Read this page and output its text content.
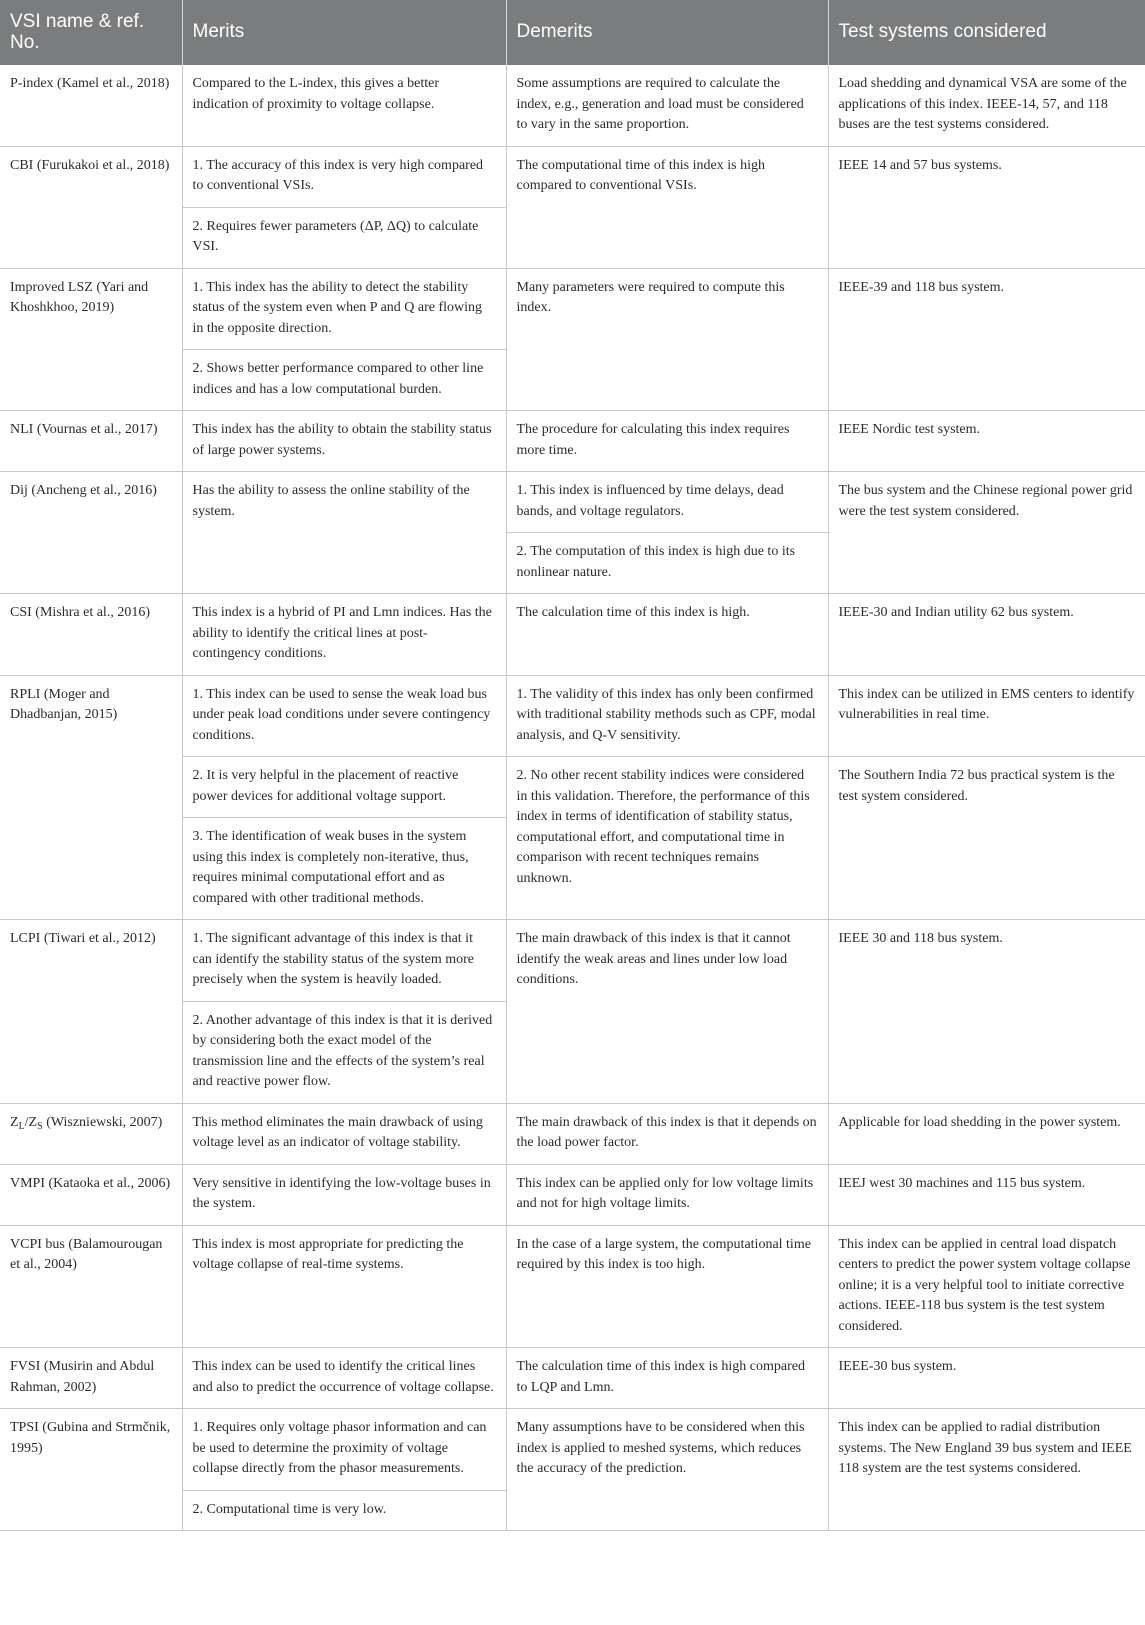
VSI name & ref. No.	Merits	Demerits	Test systems considered
P-index (Kamel et al., 2018)	Compared to the L-index, this gives a better indication of proximity to voltage collapse.	Some assumptions are required to calculate the index, e.g., generation and load must be considered to vary in the same proportion.	Load shedding and dynamical VSA are some of the applications of this index. IEEE-14, 57, and 118 buses are the test systems considered.
CBI (Furukakoi et al., 2018)	1. The accuracy of this index is very high compared to conventional VSIs.	The computational time of this index is high compared to conventional VSIs.	IEEE 14 and 57 bus systems.
	2. Requires fewer parameters (ΔP, ΔQ) to calculate VSI.		
Improved LSZ (Yari and Khoshkhoo, 2019)	1. This index has the ability to detect the stability status of the system even when P and Q are flowing in the opposite direction.	Many parameters were required to compute this index.	IEEE-39 and 118 bus system.
	2. Shows better performance compared to other line indices and has a low computational burden.		
NLI (Vournas et al., 2017)	This index has the ability to obtain the stability status of large power systems.	The procedure for calculating this index requires more time.	IEEE Nordic test system.
Dij (Ancheng et al., 2016)	Has the ability to assess the online stability of the system.	1. This index is influenced by time delays, dead bands, and voltage regulators.	The bus system and the Chinese regional power grid were the test system considered.
		2. The computation of this index is high due to its nonlinear nature.	
CSI (Mishra et al., 2016)	This index is a hybrid of PI and Lmn indices. Has the ability to identify the critical lines at post-contingency conditions.	The calculation time of this index is high.	IEEE-30 and Indian utility 62 bus system.
RPLI (Moger and Dhadbanjan, 2015)	1. This index can be used to sense the weak load bus under peak load conditions under severe contingency conditions.	1. The validity of this index has only been confirmed with traditional stability methods such as CPF, modal analysis, and Q-V sensitivity.	This index can be utilized in EMS centers to identify vulnerabilities in real time.
	2. It is very helpful in the placement of reactive power devices for additional voltage support.	2. No other recent stability indices were considered in this validation. Therefore, the performance of this index in terms of identification of stability status, computational effort, and computational time in comparison with recent techniques remains unknown.	The Southern India 72 bus practical system is the test system considered.
	3. The identification of weak buses in the system using this index is completely non-iterative, thus, requires minimal computational effort and as compared with other traditional methods.		
LCPI (Tiwari et al., 2012)	1. The significant advantage of this index is that it can identify the stability status of the system more precisely when the system is heavily loaded.	The main drawback of this index is that it cannot identify the weak areas and lines under low load conditions.	IEEE 30 and 118 bus system.
	2. Another advantage of this index is that it is derived by considering both the exact model of the transmission line and the effects of the system’s real and reactive power flow.		
$Z_L/Z_S$ (Wiszniewski, 2007)	This method eliminates the main drawback of using voltage level as an indicator of voltage stability.	The main drawback of this index is that it depends on the load power factor.	Applicable for load shedding in the power system.
VMPI (Kataoka et al., 2006)	Very sensitive in identifying the low-voltage buses in the system.	This index can be applied only for low voltage limits and not for high voltage limits.	IEEJ west 30 machines and 115 bus system.
VCPI bus (Balamourougan et al., 2004)	This index is most appropriate for predicting the voltage collapse of real-time systems.	In the case of a large system, the computational time required by this index is too high.	This index can be applied in central load dispatch centers to predict the power system voltage collapse online; it is a very helpful tool to initiate corrective actions. IEEE-118 bus system is the test system considered.
FVSI (Musirin and Abdul Rahman, 2002)	This index can be used to identify the critical lines and also to predict the occurrence of voltage collapse.	The calculation time of this index is high compared to LQP and Lmn.	IEEE-30 bus system.
TPSI (Gubina and Strmčnik, 1995)	1. Requires only voltage phasor information and can be used to determine the proximity of voltage collapse directly from the phasor measurements.	Many assumptions have to be considered when this index is applied to meshed systems, which reduces the accuracy of the prediction.	This index can be applied to radial distribution systems. The New England 39 bus system and IEEE 118 system are the test systems considered.
	2. Computational time is very low.		
